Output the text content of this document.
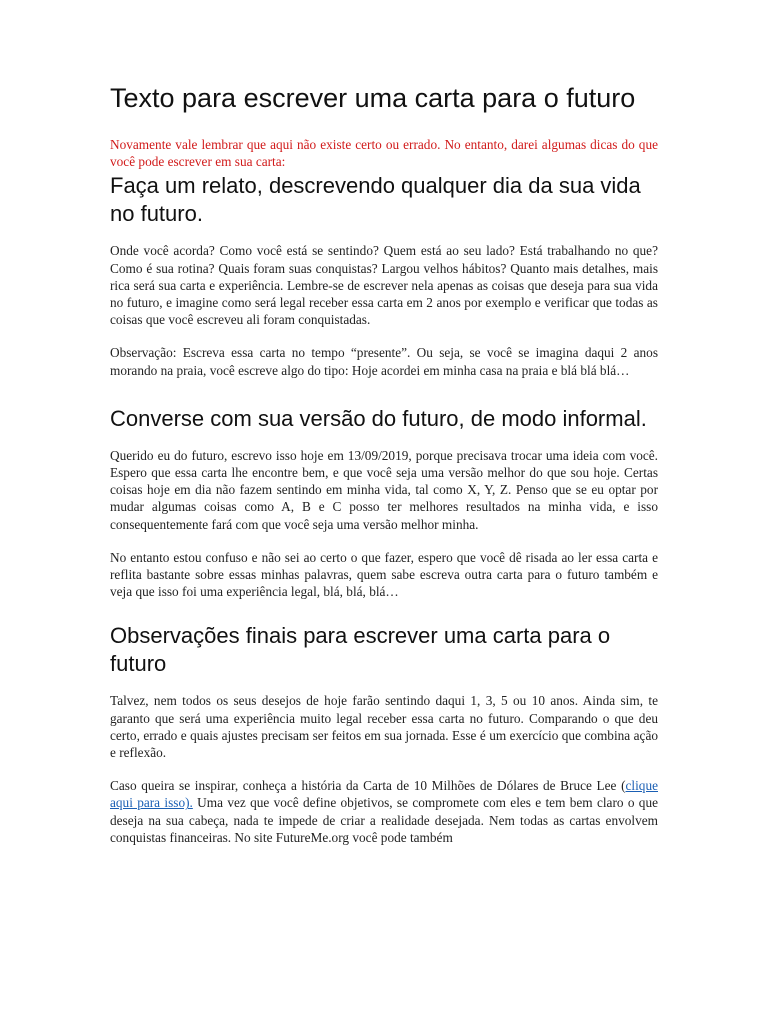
Texto para escrever uma carta para o futuro

Novamente vale lembrar que aqui não existe certo ou errado. No entanto, darei algumas dicas do que você pode escrever em sua carta:

Faça um relato, descrevendo qualquer dia da sua vida no futuro.

Onde você acorda? Como você está se sentindo? Quem está ao seu lado? Está trabalhando no que? Como é sua rotina? Quais foram suas conquistas? Largou velhos hábitos? Quanto mais detalhes, mais rica será sua carta e experiência. Lembre-se de escrever nela apenas as coisas que deseja para sua vida no futuro, e imagine como será legal receber essa carta em 2 anos por exemplo e verificar que todas as coisas que você escreveu ali foram conquistadas.

Observação: Escreva essa carta no tempo “presente”. Ou seja, se você se imagina daqui 2 anos morando na praia, você escreve algo do tipo: Hoje acordei em minha casa na praia e blá blá blá…

Converse com sua versão do futuro, de modo informal.

Querido eu do futuro, escrevo isso hoje em 13/09/2019, porque precisava trocar uma ideia com você. Espero que essa carta lhe encontre bem, e que você seja uma versão melhor do que sou hoje. Certas coisas hoje em dia não fazem sentindo em minha vida, tal como X, Y, Z. Penso que se eu optar por mudar algumas coisas como A, B e C posso ter melhores resultados na minha vida, e isso consequentemente fará com que você seja uma versão melhor minha.

No entanto estou confuso e não sei ao certo o que fazer, espero que você dê risada ao ler essa carta e reflita bastante sobre essas minhas palavras, quem sabe escreva outra carta para o futuro também e veja que isso foi uma experiência legal, blá, blá, blá…

Observações finais para escrever uma carta para o futuro

Talvez, nem todos os seus desejos de hoje farão sentindo daqui 1, 3, 5 ou 10 anos. Ainda sim, te garanto que será uma experiência muito legal receber essa carta no futuro. Comparando o que deu certo, errado e quais ajustes precisam ser feitos em sua jornada. Esse é um exercício que combina ação e reflexão.

Caso queira se inspirar, conheça a história da Carta de 10 Milhões de Dólares de Bruce Lee (clique aqui para isso). Uma vez que você define objetivos, se compromete com eles e tem bem claro o que deseja na sua cabeça, nada te impede de criar a realidade desejada. Nem todas as cartas envolvem conquistas financeiras. No site FutureMe.org você pode também
